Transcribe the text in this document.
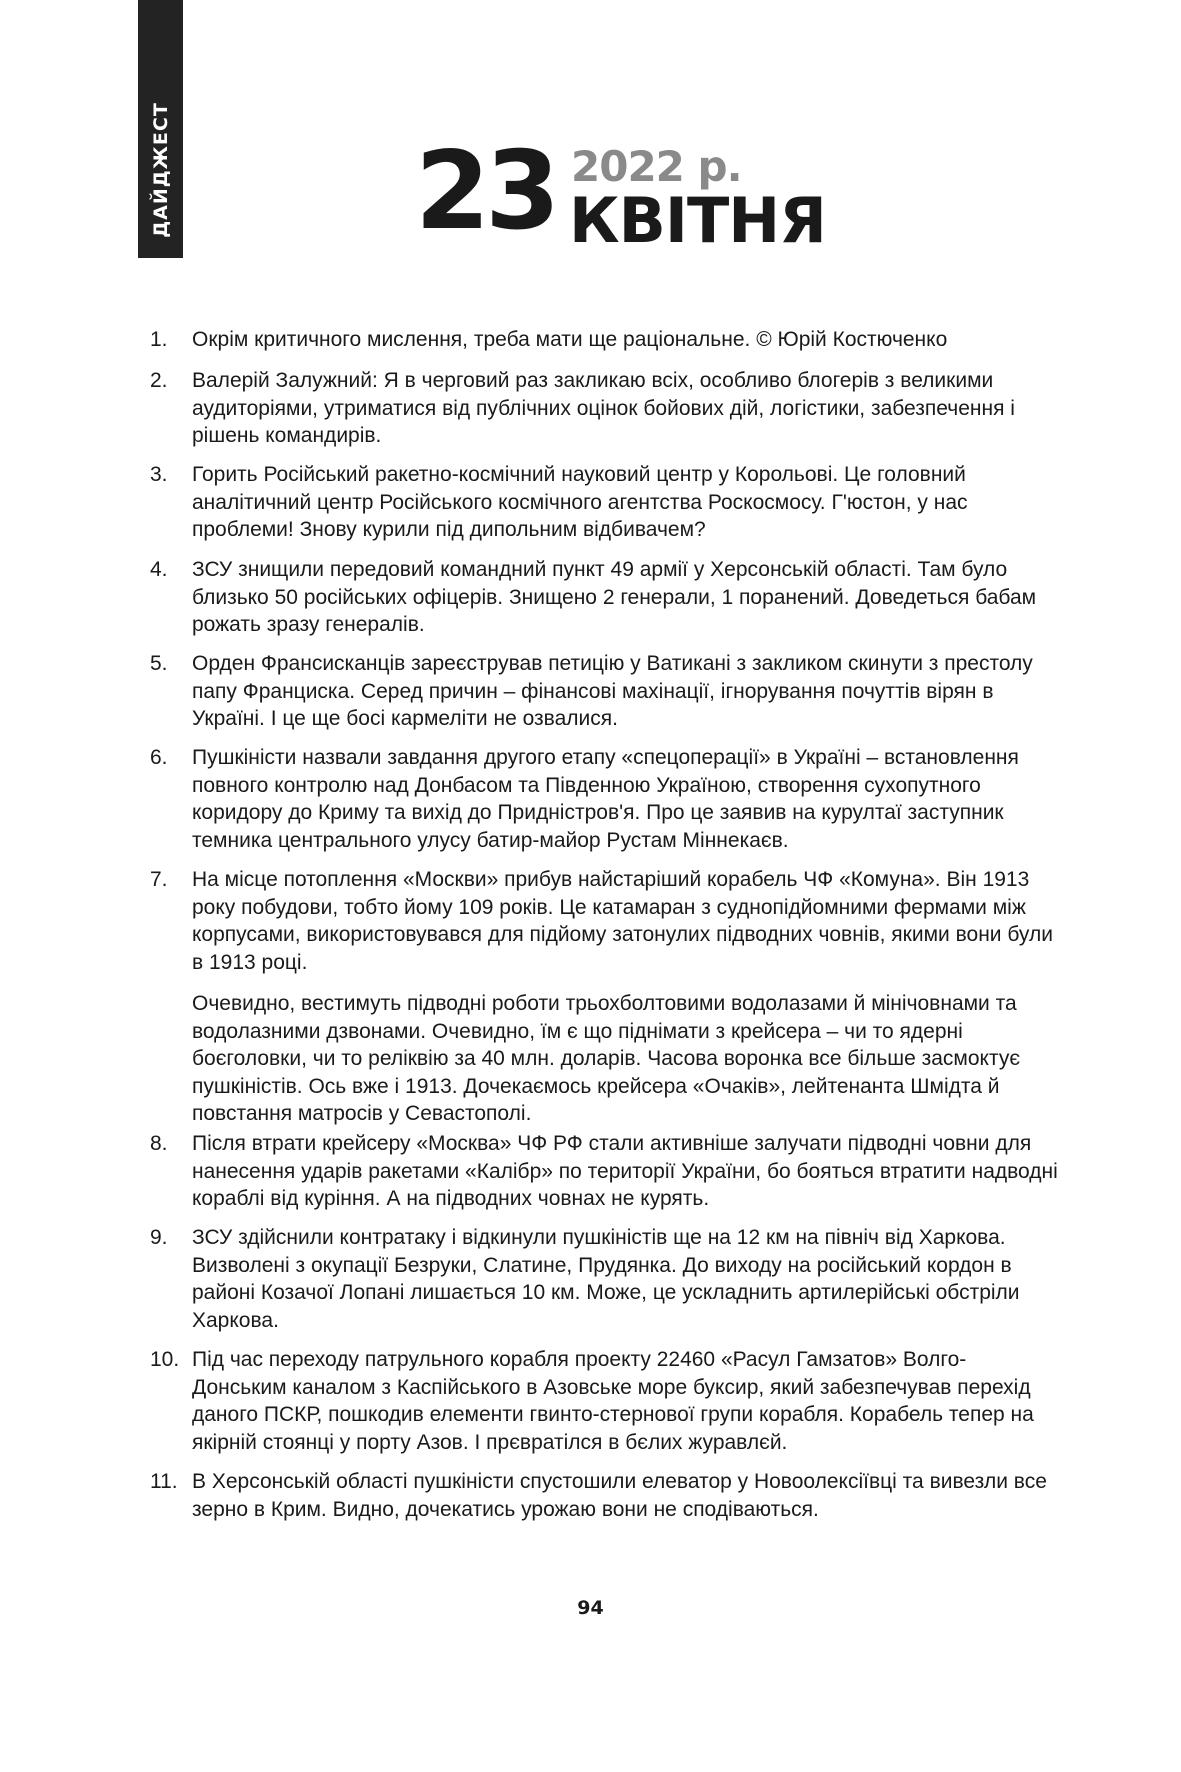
ДАЙДЖЕСТ 23 2022 р.
КВІТНЯ
1. Окрім критичного мислення, треба мати ще раціональне. © Юрій Костюченко

2. Валерій Залужний: Я в черговий раз закликаю всіх, особливо блогерів з великими аудиторіями, утриматися від публічних оцінок бойових дій, логістики, забезпечення і рішень командирів.

3. Горить Російський ракетно-космічний науковий центр у Корольові. Це головний аналітичний центр Російського космічного агентства Роскосмосу. Г'юстон, у нас проблеми! Знову курили під дипольним відбивачем?

4. ЗСУ знищили передовий командний пункт 49 армії у Херсонській області. Там було близько 50 російських офіцерів. Знищено 2 генерали, 1 поранений. Доведеться бабам рожать зразу генералів.

5. Орден Франсисканців зареєстрував петицію у Ватикані з закликом скинути з престолу папу Франциска. Серед причин – фінансові махінації, ігнорування почуттів вірян в Україні. І це ще босі кармеліти не озвалися.

6. Пушкіністи назвали завдання другого етапу «спецоперації» в Україні – встановлення повного контролю над Донбасом та Південною Україною, створення сухопутного коридору до Криму та вихід до Придністров'я. Про це заявив на курултаї заступник темника центрального улусу батир-майор Рустам Міннекаєв.

7. На місце потоплення «Москви» прибув найстаріший корабель ЧФ «Комуна». Він 1913 року побудови, тобто йому 109 років. Це катамаран з суднопідйомними фермами між корпусами, використовувався для підйому затонулих підводних човнів, якими вони були в 1913 році.

Очевидно, вестимуть підводні роботи трьохболтовими водолазами й мінічовнами та водолазними дзвонами. Очевидно, їм є що піднімати з крейсера – чи то ядерні боєголовки, чи то реліквію за 40 млн. доларів. Часова воронка все більше засмоктує пушкіністів. Ось вже і 1913. Дочекаємось крейсера «Очаків», лейтенанта Шмідта й повстання матросів у Севастополі.

8. Після втрати крейсеру «Москва» ЧФ РФ стали активніше залучати підводні човни для нанесення ударів ракетами «Калібр» по території України, бо бояться втратити надводні кораблі від куріння. А на підводних човнах не курять.

9. ЗСУ здійснили контратаку і відкинули пушкіністів ще на 12 км на північ від Харкова. Визволені з окупації Безруки, Слатине, Прудянка. До виходу на російський кордон в районі Козачої Лопані лишається 10 км. Може, це ускладнить артилерійські обстріли Харкова.

10. Під час переходу патрульного корабля проекту 22460 «Расул Гамзатов» Волго-Донським каналом з Каспійського в Азовське море буксир, який забезпечував перехід даного ПСКР, пошкодив елементи гвинто-стернової групи корабля. Корабель тепер на якірній стоянці у порту Азов. І прєвратілся в бєлих журавлєй.

11. В Херсонській області пушкіністи спустошили елеватор у Новоолексіївці та вивезли все зерно в Крим. Видно, дочекатись урожаю вони не сподіваються.

94
